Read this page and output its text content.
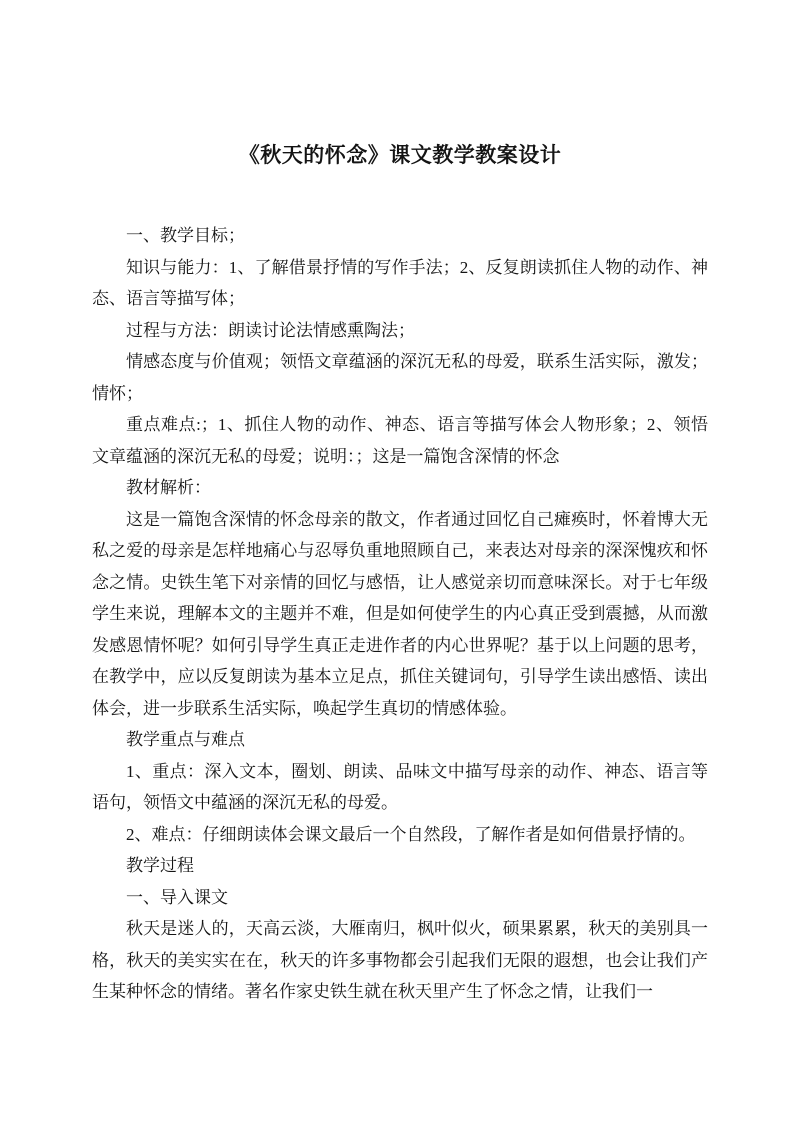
《秋天的怀念》课文教学教案设计

一、教学目标；

知识与能力：1、了解借景抒情的写作手法；2、反复朗读抓住人物的动作、神态、语言等描写体；

过程与方法：朗读讨论法情感熏陶法；

情感态度与价值观；领悟文章蕴涵的深沉无私的母爱，联系生活实际，激发；情怀；

重点难点:；1、抓住人物的动作、神态、语言等描写体会人物形象；2、领悟文章蕴涵的深沉无私的母爱；说明：；这是一篇饱含深情的怀念

教材解析：

这是一篇饱含深情的怀念母亲的散文，作者通过回忆自己瘫痪时，怀着博大无私之爱的母亲是怎样地痛心与忍辱负重地照顾自己，来表达对母亲的深深愧疚和怀念之情。史铁生笔下对亲情的回忆与感悟，让人感觉亲切而意味深长。对于七年级学生来说，理解本文的主题并不难，但是如何使学生的内心真正受到震撼，从而激发感恩情怀呢？如何引导学生真正走进作者的内心世界呢？基于以上问题的思考，在教学中，应以反复朗读为基本立足点，抓住关键词句，引导学生读出感悟、读出体会，进一步联系生活实际，唤起学生真切的情感体验。

教学重点与难点

1、重点：深入文本，圈划、朗读、品味文中描写母亲的动作、神态、语言等语句，领悟文中蕴涵的深沉无私的母爱。

2、难点：仔细朗读体会课文最后一个自然段，了解作者是如何借景抒情的。

教学过程

一、导入课文

秋天是迷人的，天高云淡，大雁南归，枫叶似火，硕果累累，秋天的美别具一格，秋天的美实实在在，秋天的许多事物都会引起我们无限的遐想，也会让我们产生某种怀念的情绪。著名作家史铁生就在秋天里产生了怀念之情，让我们一
